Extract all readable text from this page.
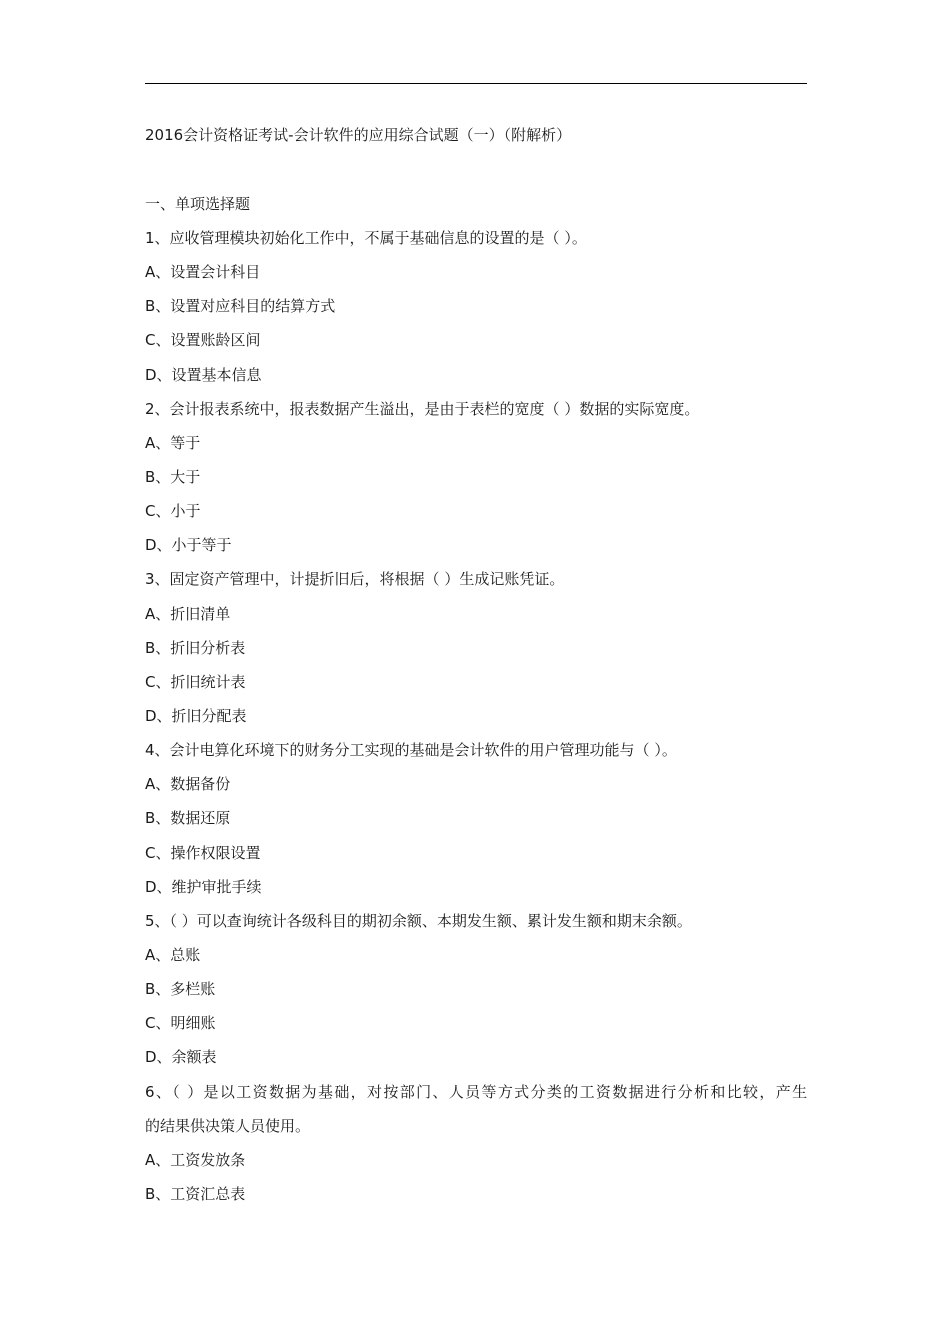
2016会计资格证考试-会计软件的应用综合试题（一）（附解析）
一、单项选择题
1、应收管理模块初始化工作中，不属于基础信息的设置的是（ ）。
A、设置会计科目
B、设置对应科目的结算方式
C、设置账龄区间
D、设置基本信息
2、会计报表系统中，报表数据产生溢出，是由于表栏的宽度（ ）数据的实际宽度。
A、等于
B、大于
C、小于
D、小于等于
3、固定资产管理中，计提折旧后，将根据（ ）生成记账凭证。
A、折旧清单
B、折旧分析表
C、折旧统计表
D、折旧分配表
4、会计电算化环境下的财务分工实现的基础是会计软件的用户管理功能与（ ）。
A、数据备份
B、数据还原
C、操作权限设置
D、维护审批手续
5、（ ）可以查询统计各级科目的期初余额、本期发生额、累计发生额和期末余额。
A、总账
B、多栏账
C、明细账
D、余额表
6、（ ）是以工资数据为基础，对按部门、人员等方式分类的工资数据进行分析和比较，产生
的结果供决策人员使用。
A、工资发放条
B、工资汇总表
